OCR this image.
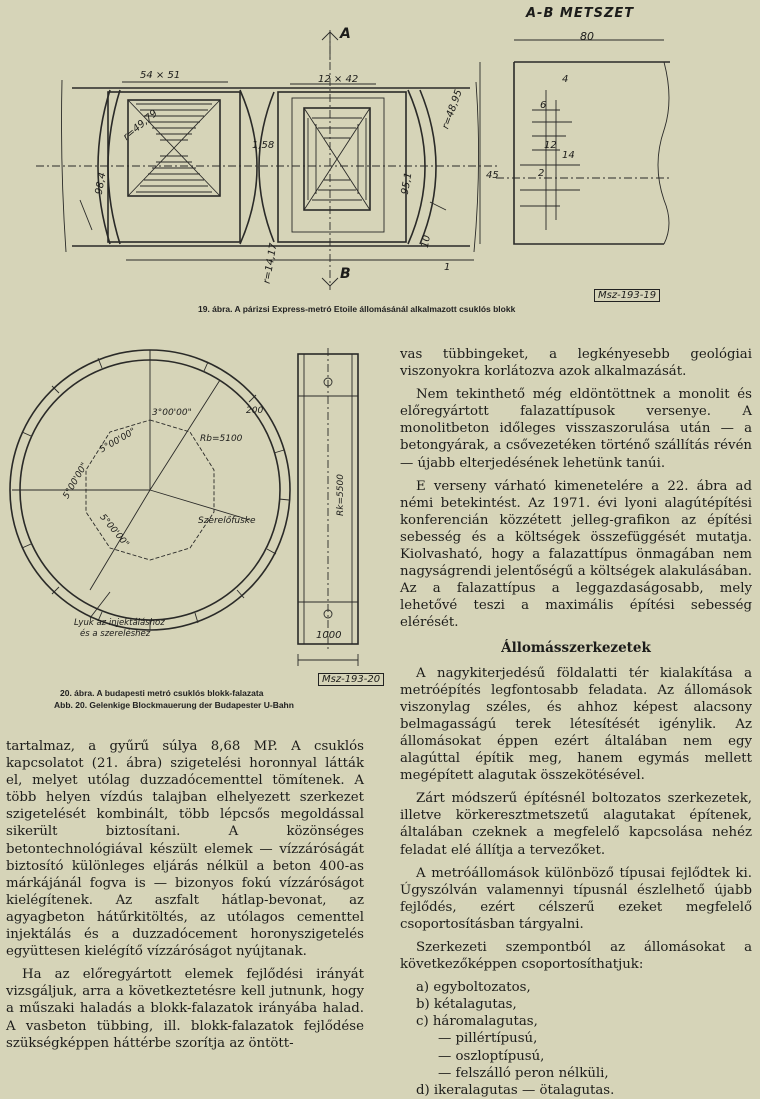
A-B METSZET
A
B
54 × 51	12 × 42
1,58
98,4	95,1
r=48,95
r=49,79
r=14,17
10
1
80
4
6
45
14
12
2
Msz-193-19
19. ábra. A párizsi Express-metró Etoile állomásánál alkalmazott csuklós blokk
3°00'00"
5°00'00"
5°00'00"
5°00'00"
Rb=5100
200
Szerelőfüske
Rk=5500
Lyuk az injektáláshoz
és a szereléshez	1000
Msz-193-20
20. ábra. A budapesti metró csuklós blokk-falazata
Abb. 20. Gelenkige Blockmauerung der Budapester U-Bahn

vas tübbingeket, a legkényesebb geológiai viszonyokra korlátozva azok alkalmazását.

Nem tekinthető még eldöntöttnek a monolit és előregyártott falazattípusok versenye. A monolitbeton időleges visszaszorulása után — a betongyárak, a csővezetéken történő szállítás révén — újabb elterjedésének lehetünk tanúi.

E verseny várható kimenetelére a 22. ábra ad némi betekintést. Az 1971. évi lyoni alagútépítési konferencián közzétett jelleg-grafikon az építési sebesség és a költségek összefüggését mutatja. Kiolvasható, hogy a falazattípus önmagában nem nagyságrendi jelentőségű a költségek alakulásában. Az a falazattípus a leggazdaságosabb, mely lehetővé teszi a maximális építési sebesség elérését.

Állomásszerkezetek

A nagykiterjedésű földalatti tér kialakítása a metróépítés legfontosabb feladata. Az állomások viszonylag széles, és ahhoz képest alacsony belmagasságú terek létesítését igénylik. Az állomásokat éppen ezért általában nem egy alagúttal építik meg, hanem egymás mellett megépített alagutak összekötésével.

Zárt módszerű építésnél boltozatos szerkezetek, illetve körkeresztmetszetű alagutakat építenek, általában czeknek a megfelelő kapcsolása nehéz feladat elé állítja a tervezőket.

A metróállomások különböző típusai fejlődtek ki. Úgyszólván valamennyi típusnál észlelhető újabb fejlődés, ezért célszerű ezeket megfelelő csoportosításban tárgyalni.

Szerkezeti szempontból az állomásokat a következőképpen csoportosíthatjuk:

a) egyboltozatos,
b) kétalagutas,
c) háromalagutas,
— pillértípusú,
— oszloptípusú,
— felszálló peron nélküli,
d) ikeralagutas — ötalagutas.

tartalmaz, a gyűrű súlya 8,68 MP. A csuklós kapcsolatot (21. ábra) szigetelési horonnyal látták el, melyet utólag duzzadócementtel tömítenek. A több helyen vízdús talajban elhelyezett szerkezet szigetelését kombinált, több lépcsős megoldással sikerült biztosítani. A közönséges betontechnológiával készült elemek — vízzáróságát biztosító különleges eljárás nélkül a beton 400-as márkájánál fogva is — bizonyos fokú vízzáróságot kielégítenek. Az aszfalt hátlap-bevonat, az agyagbeton hátűrkitöltés, az utólagos cementtel injektálás és a duzzadócement horonyszigetelés együttesen kielégítő vízzáróságot nyújtanak.

Ha az előregyártott elemek fejlődési irányát vizsgáljuk, arra a következtetésre kell jutnunk, hogy a műszaki haladás a blokk-falazatok irányába halad. A vasbeton tübbing, ill. blokk-falazatok fejlődése szükségképpen háttérbe szorítja az öntött-
